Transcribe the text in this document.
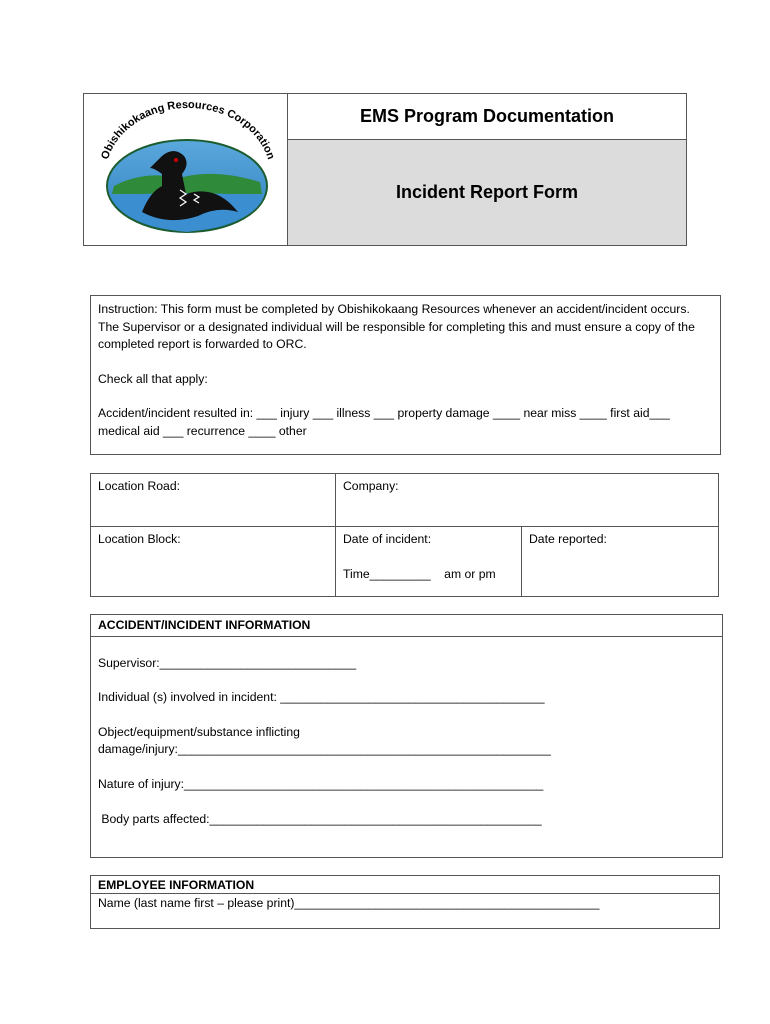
Obishikokaang Resources Corporation
EMS Program Documentation
Incident Report Form
Instruction: This form must be completed by Obishikokaang Resources whenever an accident/incident occurs. The Supervisor or a designated individual will be responsible for completing this and must ensure a copy of the completed report is forwarded to ORC.
Check all that apply:
Accident/incident resulted in: ___ injury ___ illness ___ property damage ____ near miss ____ first aid___ medical aid ___ recurrence ____ other
Location Road:	Company:
Location Block:	Date of incident:
Time_________    am or pm
Date reported:
ACCIDENT/INCIDENT INFORMATION
Supervisor:_____________________________
Individual (s) involved in incident: _______________________________________
Object/equipment/substance inflicting
damage/injury:_______________________________________________________
Nature of injury:_____________________________________________________
Body parts affected:_________________________________________________
EMPLOYEE INFORMATION
Name (last name first – please print)_____________________________________________
